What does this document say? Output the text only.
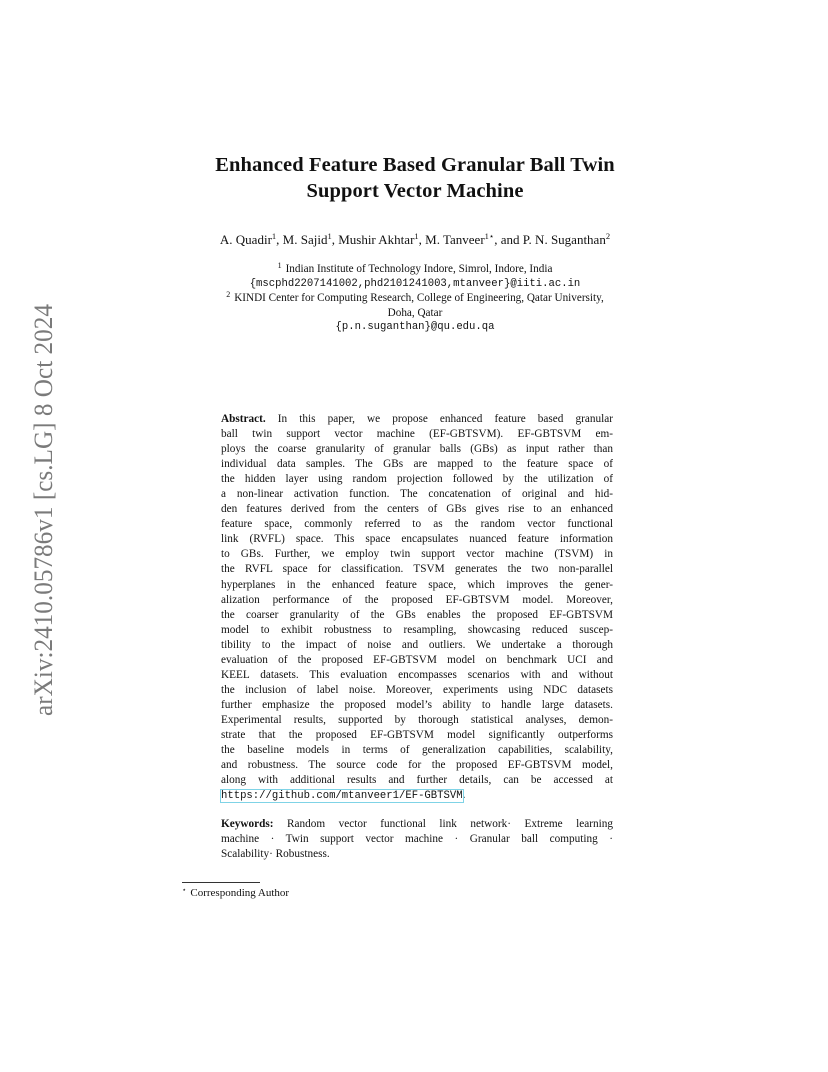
arXiv:2410.05786v1 [cs.LG] 8 Oct 2024
Enhanced Feature Based Granular Ball Twin
Support Vector Machine
A. Quadir$^1$, M. Sajid$^1$, Mushir Akhtar$^1$, M. Tanveer$^{1⋆}$, and P. N. Suganthan$^2$
$^1$ Indian Institute of Technology Indore, Simrol, Indore, India
{mscphd2207141002,phd2101241003,mtanveer}@iiti.ac.in
$^2$ KINDI Center for Computing Research, College of Engineering, Qatar University,
Doha, Qatar
{p.n.suganthan}@qu.edu.qa
Abstract. In this paper, we propose enhanced feature based granular
ball twin support vector machine (EF-GBTSVM). EF-GBTSVM em-
ploys the coarse granularity of granular balls (GBs) as input rather than
individual data samples. The GBs are mapped to the feature space of
the hidden layer using random projection followed by the utilization of
a non-linear activation function. The concatenation of original and hid-
den features derived from the centers of GBs gives rise to an enhanced
feature space, commonly referred to as the random vector functional
link (RVFL) space. This space encapsulates nuanced feature information
to GBs. Further, we employ twin support vector machine (TSVM) in
the RVFL space for classification. TSVM generates the two non-parallel
hyperplanes in the enhanced feature space, which improves the gener-
alization performance of the proposed EF-GBTSVM model. Moreover,
the coarser granularity of the GBs enables the proposed EF-GBTSVM
model to exhibit robustness to resampling, showcasing reduced suscep-
tibility to the impact of noise and outliers. We undertake a thorough
evaluation of the proposed EF-GBTSVM model on benchmark UCI and
KEEL datasets. This evaluation encompasses scenarios with and without
the inclusion of label noise. Moreover, experiments using NDC datasets
further emphasize the proposed model’s ability to handle large datasets.
Experimental results, supported by thorough statistical analyses, demon-
strate that the proposed EF-GBTSVM model significantly outperforms
the baseline models in terms of generalization capabilities, scalability,
and robustness. The source code for the proposed EF-GBTSVM model,
along with additional results and further details, can be accessed at
https://github.com/mtanveer1/EF-GBTSVM.
Keywords: Random vector functional link network· Extreme learning
machine · Twin support vector machine · Granular ball computing ·
Scalability· Robustness.
⋆ Corresponding Author
